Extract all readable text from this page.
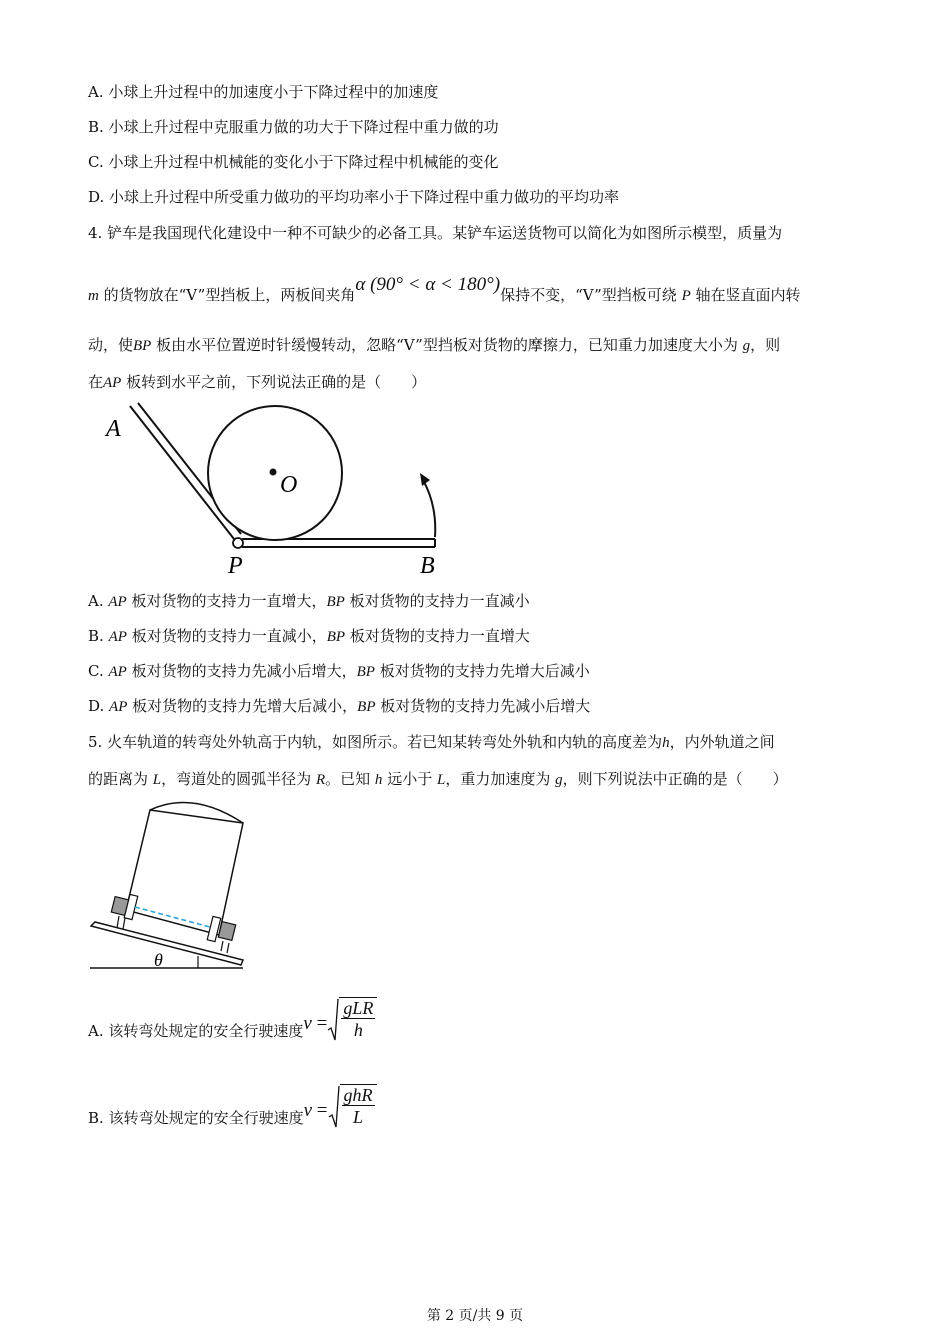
A. 小球上升过程中的加速度小于下降过程中的加速度
B. 小球上升过程中克服重力做的功大于下降过程中重力做的功
C. 小球上升过程中机械能的变化小于下降过程中机械能的变化
D. 小球上升过程中所受重力做功的平均功率小于下降过程中重力做功的平均功率
4. 铲车是我国现代化建设中一种不可缺少的必备工具。某铲车运送货物可以简化为如图所示模型，质量为
m 的货物放在“V”型挡板上，两板间夹角α (90° < α < 180°)保持不变，“V”型挡板可绕 P 轴在竖直面内转
动，使BP 板由水平位置逆时针缓慢转动，忽略“V”型挡板对货物的摩擦力，已知重力加速度大小为 g，则
在AP 板转到水平之前，下列说法正确的是（　　）
A
O
P	B
A. AP 板对货物的支持力一直增大，BP 板对货物的支持力一直减小
B. AP 板对货物的支持力一直减小，BP 板对货物的支持力一直增大
C. AP 板对货物的支持力先减小后增大，BP 板对货物的支持力先增大后减小
D. AP 板对货物的支持力先增大后减小，BP 板对货物的支持力先减小后增大
5. 火车轨道的转弯处外轨高于内轨，如图所示。若已知某转弯处外轨和内轨的高度差为h，内外轨道之间
的距离为 L，弯道处的圆弧半径为 R。已知 h 远小于 L，重力加速度为 g，则下列说法中正确的是（　　）
θ
A. 该转弯处规定的安全行驶速度v =
gLR
h
B. 该转弯处规定的安全行驶速度v =
ghR
L
第 2 页/共 9 页
